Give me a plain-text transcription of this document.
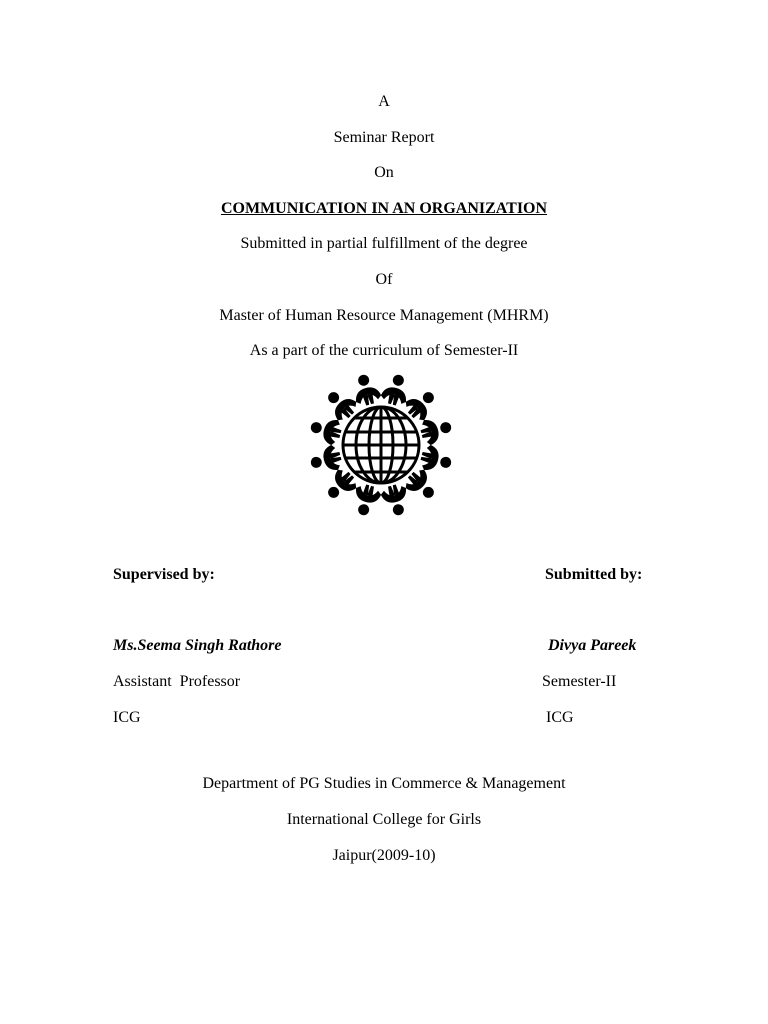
A
Seminar Report
On
COMMUNICATION IN AN ORGANIZATION
Submitted in partial fulfillment of the degree
Of
Master of Human Resource Management (MHRM)
As a part of the curriculum of Semester-II
Supervised by:	Submitted by:
Ms.Seema Singh Rathore	Divya Pareek
Assistant  Professor	Semester-II
ICG	ICG
Department of PG Studies in Commerce & Management
International College for Girls
Jaipur(2009-10)
